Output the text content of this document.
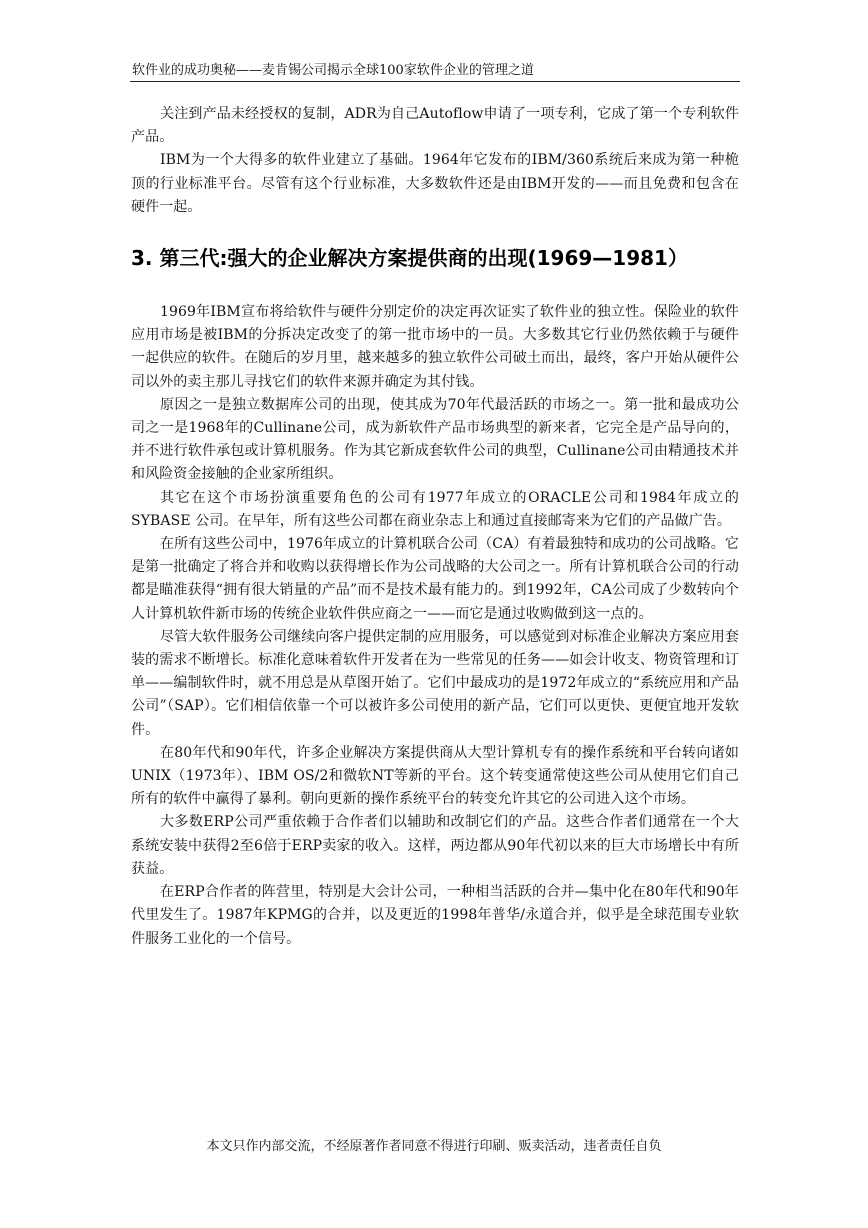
软件业的成功奥秘——麦肯锡公司揭示全球100家软件企业的管理之道

关注到产品未经授权的复制，ADR为自己Autoflow申请了一项专利，它成了第一个专利软件产品。

IBM为一个大得多的软件业建立了基础。1964年它发布的IBM/360系统后来成为第一种桅顶的行业标准平台。尽管有这个行业标准，大多数软件还是由IBM开发的——而且免费和包含在硬件一起。

3. 第三代:强大的企业解决方案提供商的出现(1969—1981）

1969年IBM宣布将给软件与硬件分别定价的决定再次证实了软件业的独立性。保险业的软件应用市场是被IBM的分拆决定改变了的第一批市场中的一员。大多数其它行业仍然依赖于与硬件一起供应的软件。在随后的岁月里，越来越多的独立软件公司破土而出，最终，客户开始从硬件公司以外的卖主那儿寻找它们的软件来源并确定为其付钱。

原因之一是独立数据库公司的出现，使其成为70年代最活跃的市场之一。第一批和最成功公司之一是1968年的Cullinane公司，成为新软件产品市场典型的新来者，它完全是产品导向的，并不进行软件承包或计算机服务。作为其它新成套软件公司的典型，Cullinane公司由精通技术并和风险资金接触的企业家所组织。

其它在这个市场扮演重要角色的公司有1977年成立的ORACLE公司和1984年成立的SYBASE 公司。在早年，所有这些公司都在商业杂志上和通过直接邮寄来为它们的产品做广告。

在所有这些公司中，1976年成立的计算机联合公司（CA）有着最独特和成功的公司战略。它是第一批确定了将合并和收购以获得增长作为公司战略的大公司之一。所有计算机联合公司的行动都是瞄准获得“拥有很大销量的产品”而不是技术最有能力的。到1992年，CA公司成了少数转向个人计算机软件新市场的传统企业软件供应商之一——而它是通过收购做到这一点的。

尽管大软件服务公司继续向客户提供定制的应用服务，可以感觉到对标准企业解决方案应用套装的需求不断增长。标准化意味着软件开发者在为一些常见的任务——如会计收支、物资管理和订单——编制软件时，就不用总是从草图开始了。它们中最成功的是1972年成立的“系统应用和产品公司”（SAP）。它们相信依靠一个可以被许多公司使用的新产品，它们可以更快、更便宜地开发软件。

在80年代和90年代，许多企业解决方案提供商从大型计算机专有的操作系统和平台转向诸如UNIX（1973年）、IBM OS/2和微软NT等新的平台。这个转变通常使这些公司从使用它们自己所有的软件中赢得了暴利。朝向更新的操作系统平台的转变允许其它的公司进入这个市场。

大多数ERP公司严重依赖于合作者们以辅助和改制它们的产品。这些合作者们通常在一个大系统安装中获得2至6倍于ERP卖家的收入。这样，两边都从90年代初以来的巨大市场增长中有所获益。

在ERP合作者的阵营里，特别是大会计公司，一种相当活跃的合并—集中化在80年代和90年代里发生了。1987年KPMG的合并，以及更近的1998年普华/永道合并，似乎是全球范围专业软件服务工业化的一个信号。

本文只作内部交流，不经原著作者同意不得进行印刷、贩卖活动，违者责任自负
